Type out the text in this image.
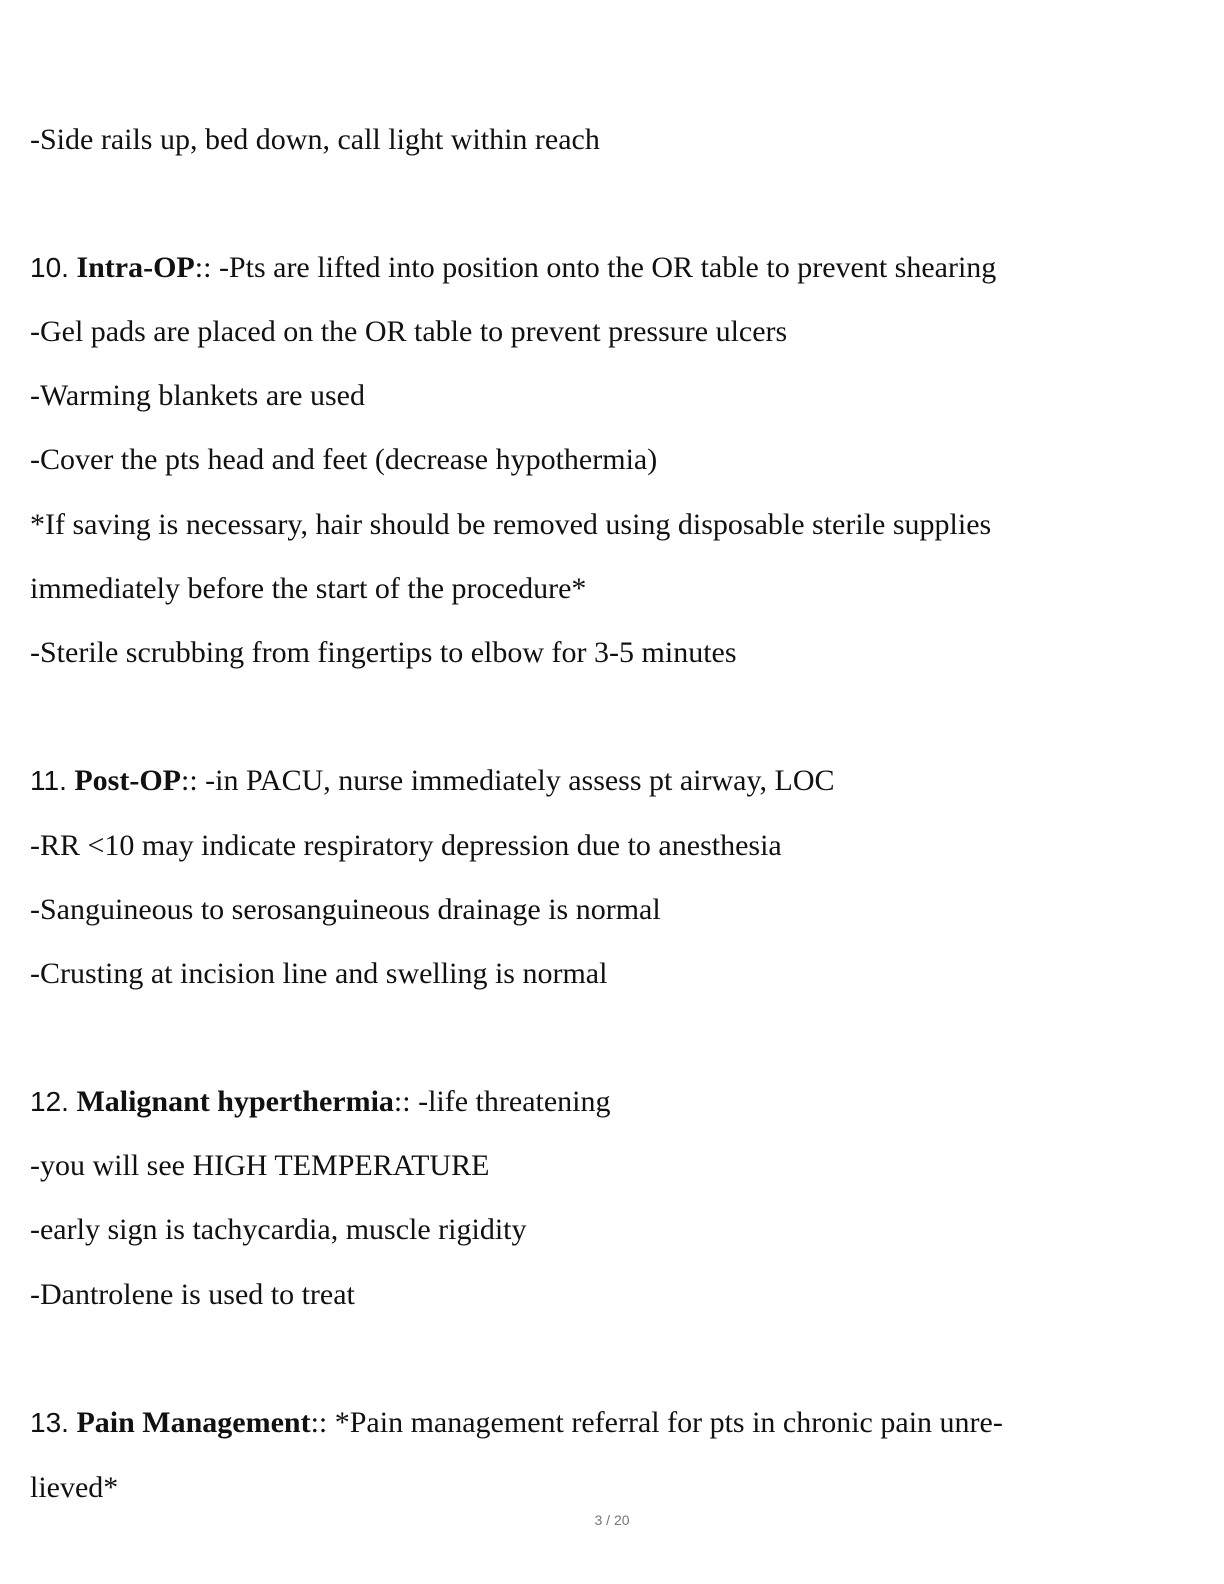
-Side rails up, bed down, call light within reach
10. Intra-OP:: -Pts are lifted into position onto the OR table to prevent shearing
-Gel pads are placed on the OR table to prevent pressure ulcers
-Warming blankets are used
-Cover the pts head and feet (decrease hypothermia)
*If saving is necessary, hair should be removed using disposable sterile supplies
immediately before the start of the procedure*
-Sterile scrubbing from fingertips to elbow for 3-5 minutes
11. Post-OP:: -in PACU, nurse immediately assess pt airway, LOC
-RR <10 may indicate respiratory depression due to anesthesia
-Sanguineous to serosanguineous drainage is normal
-Crusting at incision line and swelling is normal
12. Malignant hyperthermia:: -life threatening
-you will see HIGH TEMPERATURE
-early sign is tachycardia, muscle rigidity
-Dantrolene is used to treat
13. Pain Management:: *Pain management referral for pts in chronic pain unre-
lieved*
3 / 20
